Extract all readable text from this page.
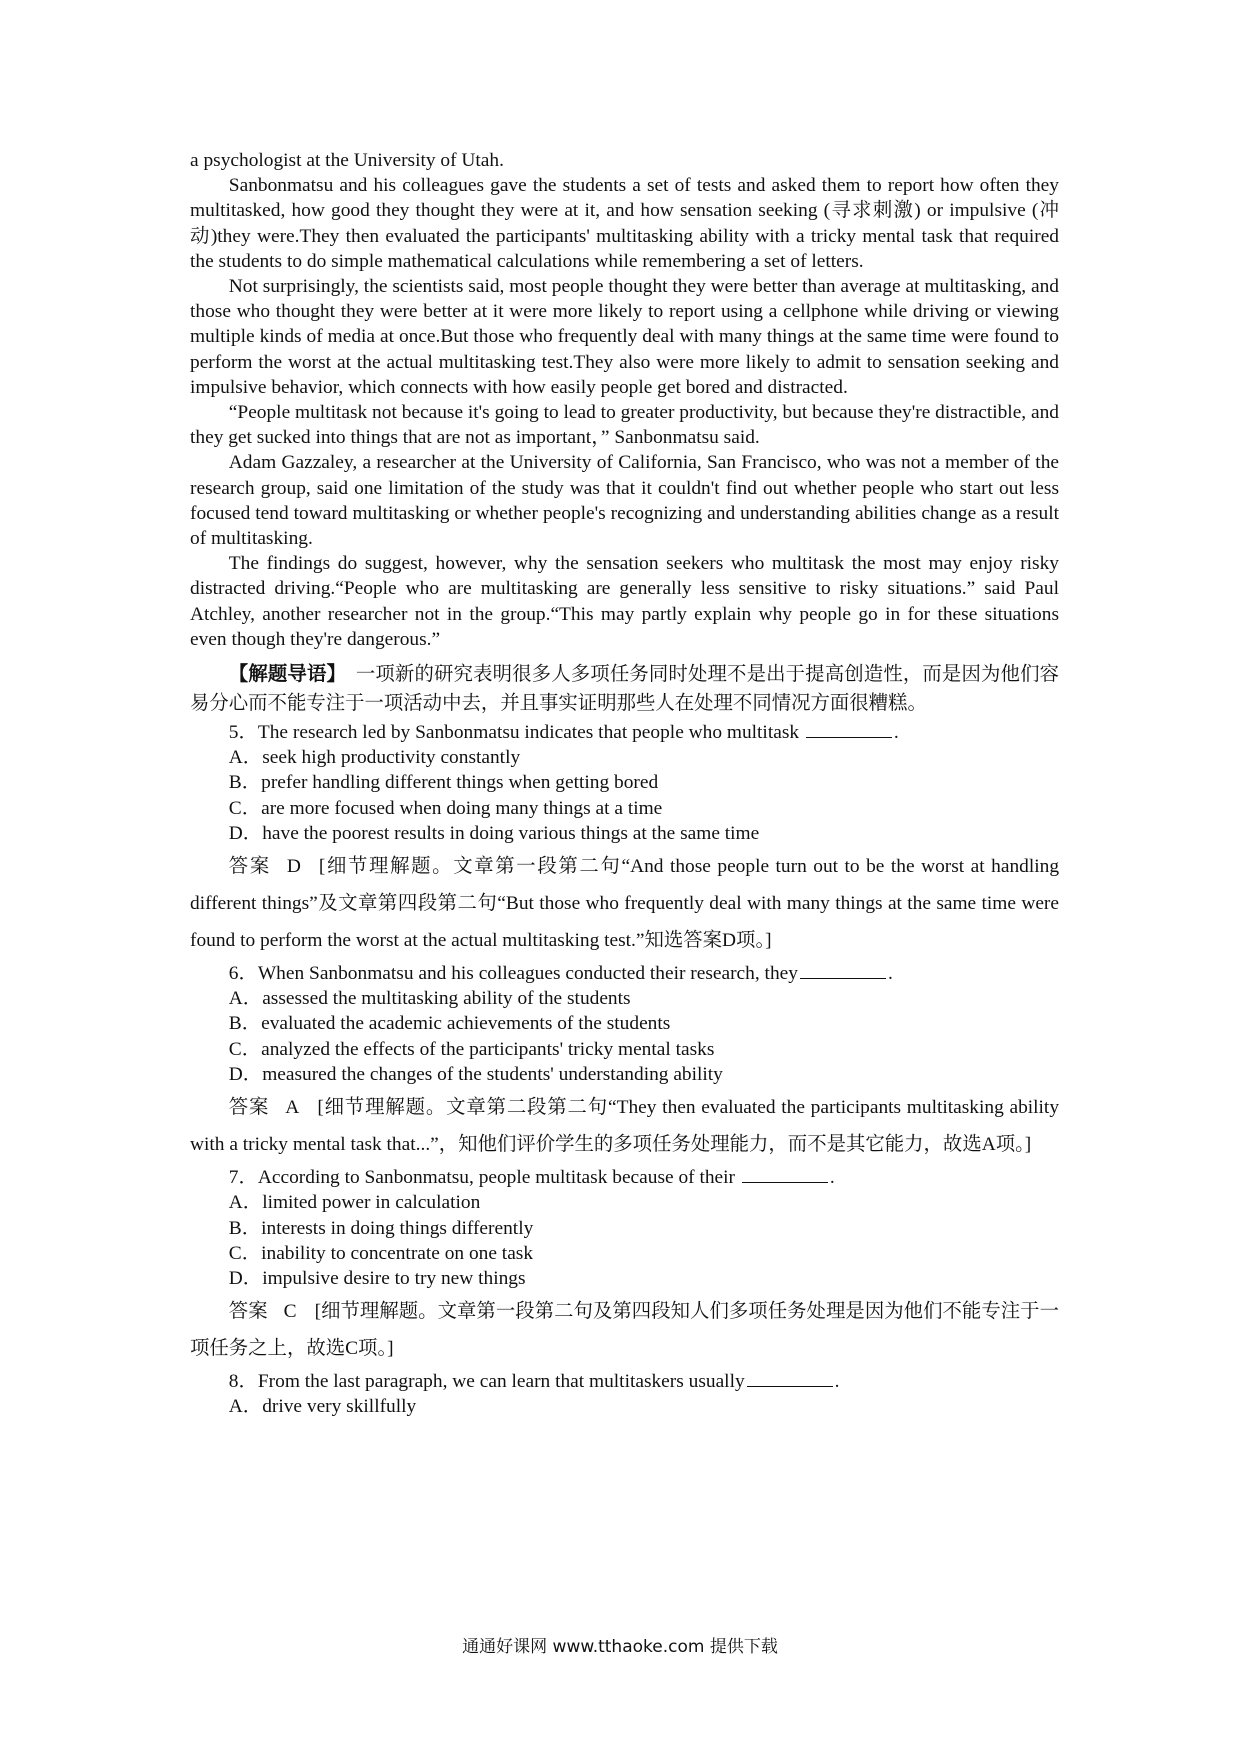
a psychologist at the University of Utah.

Sanbonmatsu and his colleagues gave the students a set of tests and asked them to report how often they multitasked, how good they thought they were at it, and how sensation seeking (寻求刺激) or impulsive (冲动)they were.They then evaluated the participants' multitasking ability with a tricky mental task that required the students to do simple mathematical calculations while remembering a set of letters.

Not surprisingly, the scientists said, most people thought they were better than average at multitasking, and those who thought they were better at it were more likely to report using a cellphone while driving or viewing multiple kinds of media at once.But those who frequently deal with many things at the same time were found to perform the worst at the actual multitasking test.They also were more likely to admit to sensation seeking and impulsive behavior, which connects with how easily people get bored and distracted.

“People multitask not because it's going to lead to greater productivity, but because they're distractible, and they get sucked into things that are not as important，” Sanbonmatsu said.

Adam Gazzaley, a researcher at the University of California, San Francisco, who was not a member of the research group, said one limitation of the study was that it couldn't find out whether people who start out less focused tend toward multitasking or whether people's recognizing and understanding abilities change as a result of multitasking.

The findings do suggest, however, why the sensation seekers who multitask the most may enjoy risky distracted driving.“People who are multitasking are generally less sensitive to risky situations.” said Paul Atchley, another researcher not in the group.“This may partly explain why people go in for these situations even though they're dangerous.”

【解题导语】　 一项新的研究表明很多人多项任务同时处理不是出于提高创造性，而是因为他们容易分心而不能专注于一项活动中去，并且事实证明那些人在处理不同情况方面很糟糕。

5．The research led by Sanbonmatsu indicates that people who multitask	.

A．seek high productivity constantly

B．prefer handling different things when getting bored

C．are more focused when doing many things at a time

D．have the poorest results in doing various things at the same time

答案 D [细节理解题。文章第一段第二句“And those people turn out to be the worst at handling different things”及文章第四段第二句“But those who frequently deal with many things at the same time were found to perform the worst at the actual multitasking test.”知选答案D项。]

6．When Sanbonmatsu and his colleagues conducted their research, they	.

A．assessed the multitasking ability of the students

B．evaluated the academic achievements of the students

C．analyzed the effects of the participants' tricky mental tasks

D．measured the changes of the students' understanding ability

答案 A [细节理解题。文章第二段第二句“They then evaluated the participants multitasking ability with a tricky mental task that...”，知他们评价学生的多项任务处理能力，而不是其它能力，故选A项。]

7．According to Sanbonmatsu, people multitask because of their	.

A．limited power in calculation

B．interests in doing things differently

C．inability to concentrate on one task

D．impulsive desire to try new things

答案 C [细节理解题。文章第一段第二句及第四段知人们多项任务处理是因为他们不能专注于一项任务之上，故选C项。]

8．From the last paragraph, we can learn that multitaskers usually	.

A．drive very skillfully

通通好课网 www.tthaoke.com 提供下载
